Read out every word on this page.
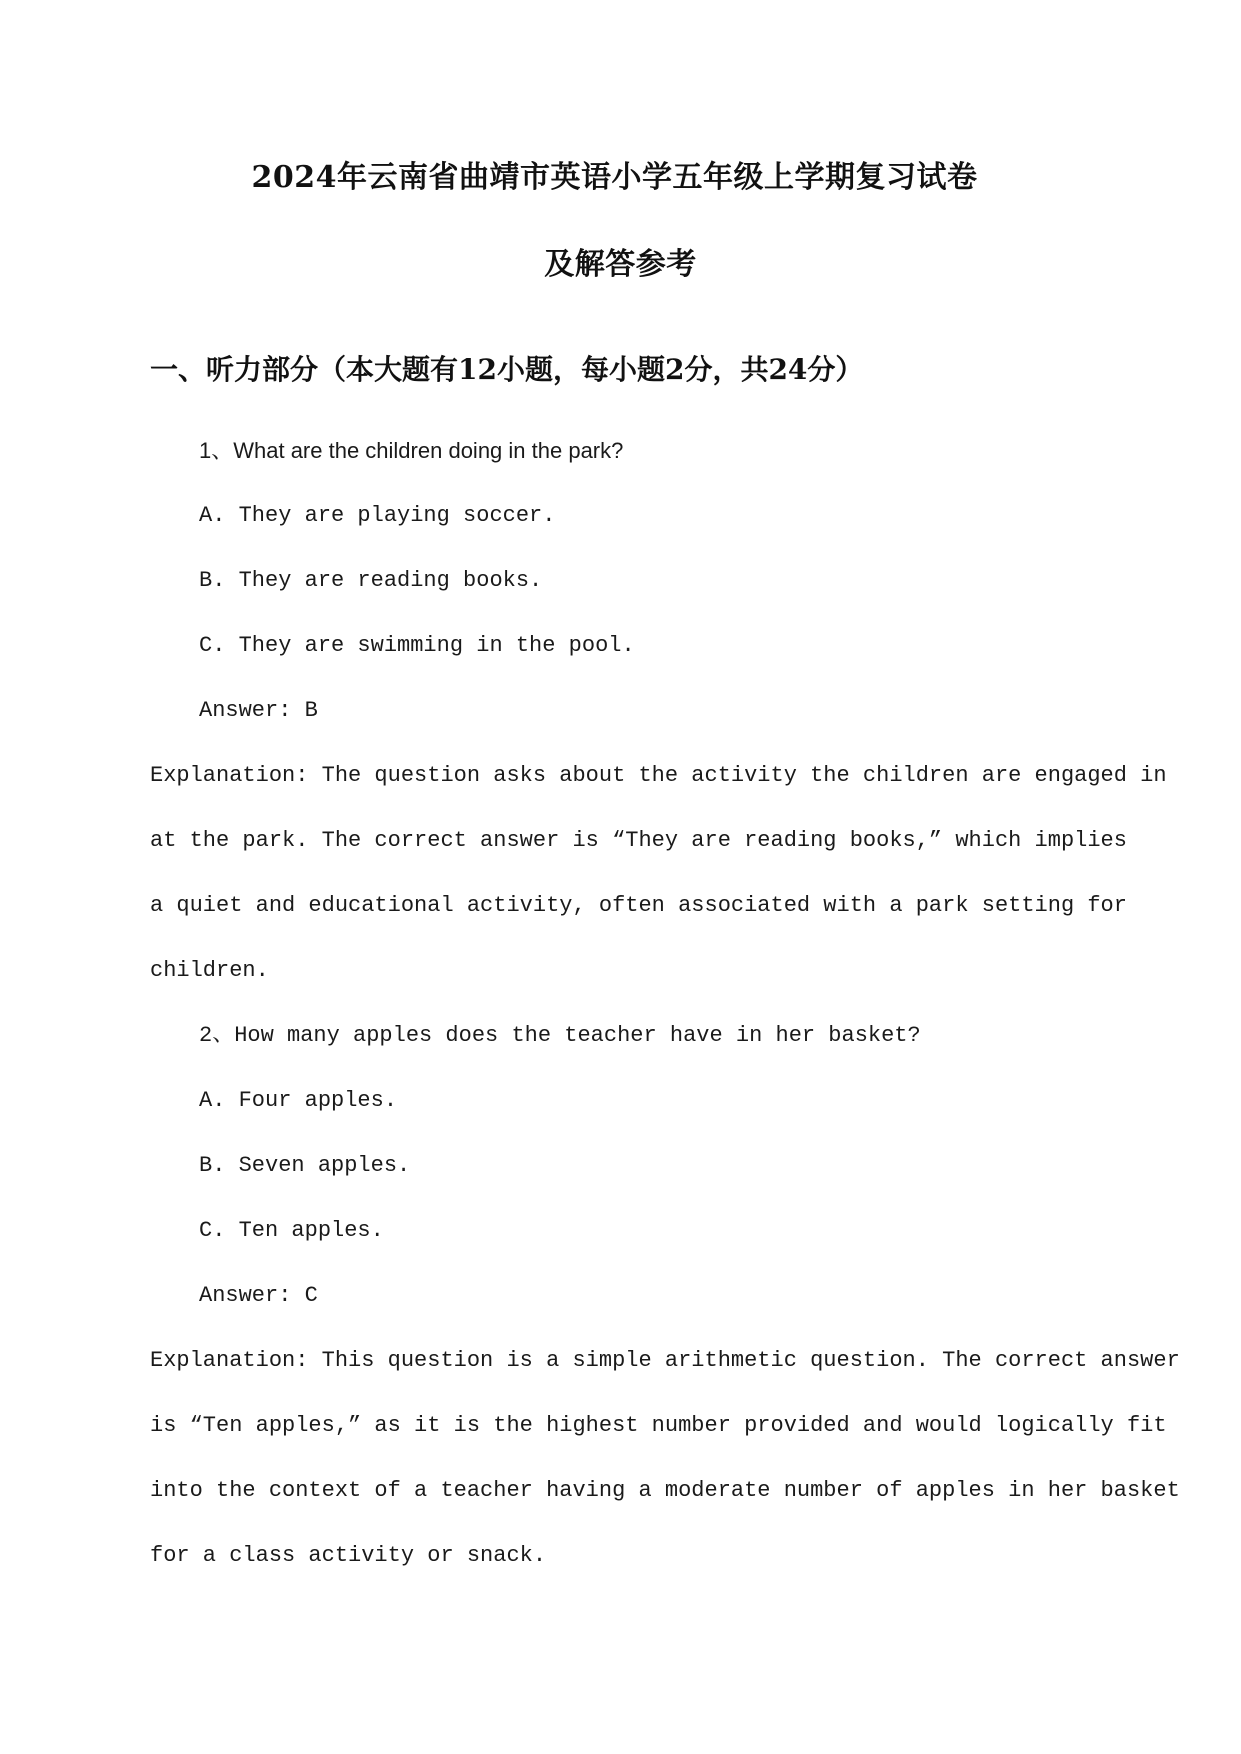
2024年云南省曲靖市英语小学五年级上学期复习试卷
及解答参考
一、听力部分（本大题有12小题，每小题2分，共24分）
1、What are the children doing in the park?
A. They are playing soccer.
B. They are reading books.
C. They are swimming in the pool.
Answer: B
Explanation: The question asks about the activity the children are engaged in
at the park. The correct answer is “They are reading books,” which implies
a quiet and educational activity, often associated with a park setting for
children.
2、How many apples does the teacher have in her basket?
A. Four apples.
B. Seven apples.
C. Ten apples.
Answer: C
Explanation: This question is a simple arithmetic question. The correct answer
is “Ten apples,” as it is the highest number provided and would logically fit
into the context of a teacher having a moderate number of apples in her basket
for a class activity or snack.
